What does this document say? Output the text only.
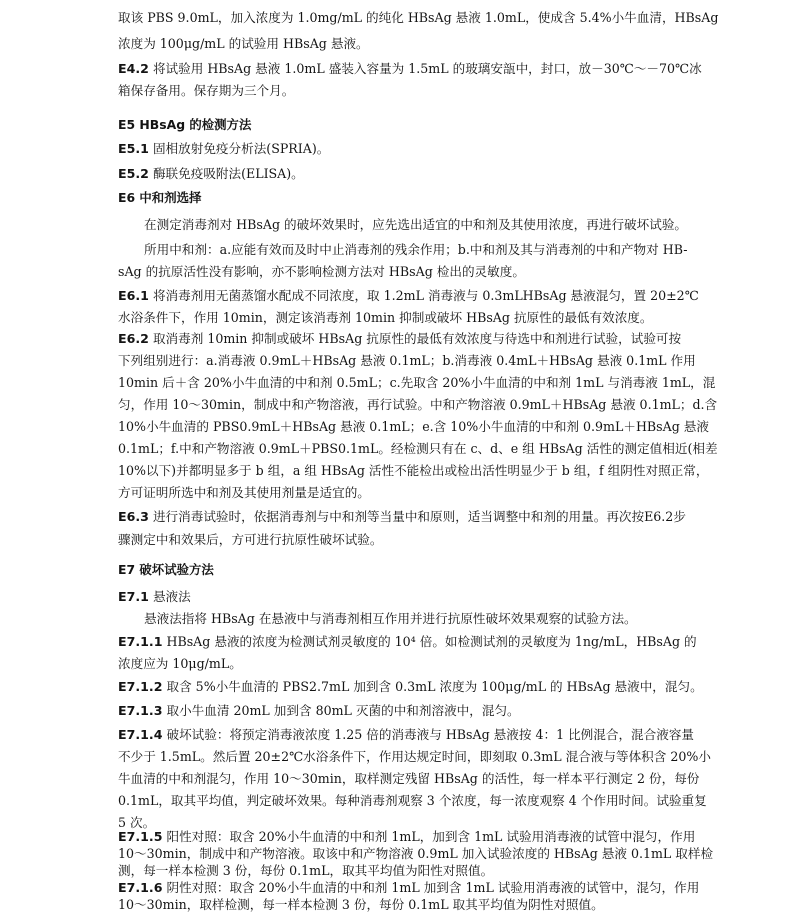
取该 PBS 9.0mL，加入浓度为 1.0mg/mL 的纯化 HBsAg 悬液 1.0mL，使成含 5.4%小牛血清，HBsAg
浓度为 100μg/mL 的试验用 HBsAg 悬液。
E4.2 将试验用 HBsAg 悬液 1.0mL 盛装入容量为 1.5mL 的玻璃安瓿中，封口，放－30℃～－70℃冰
箱保存备用。保存期为三个月。
E5 HBsAg 的检测方法
E5.1 固相放射免疫分析法(SPRIA)。
E5.2 酶联免疫吸附法(ELISA)。
E6 中和剂选择
在测定消毒剂对 HBsAg 的破坏效果时，应先选出适宜的中和剂及其使用浓度，再进行破坏试验。
所用中和剂：a.应能有效而及时中止消毒剂的残余作用；b.中和剂及其与消毒剂的中和产物对 HB-
sAg 的抗原活性没有影响，亦不影响检测方法对 HBsAg 检出的灵敏度。
E6.1 将消毒剂用无菌蒸馏水配成不同浓度，取 1.2mL 消毒液与 0.3mLHBsAg 悬液混匀，置 20±2℃
水浴条件下，作用 10min，测定该消毒剂 10min 抑制或破坏 HBsAg 抗原性的最低有效浓度。
E6.2 取消毒剂 10min 抑制或破坏 HBsAg 抗原性的最低有效浓度与待选中和剂进行试验，试验可按
下列组别进行：a.消毒液 0.9mL＋HBsAg 悬液 0.1mL；b.消毒液 0.4mL＋HBsAg 悬液 0.1mL 作用
10min 后＋含 20%小牛血清的中和剂 0.5mL；c.先取含 20%小牛血清的中和剂 1mL 与消毒液 1mL，混
匀，作用 10～30min，制成中和产物溶液，再行试验。中和产物溶液 0.9mL＋HBsAg 悬液 0.1mL；d.含
10%小牛血清的 PBS0.9mL＋HBsAg 悬液 0.1mL；e.含 10%小牛血清的中和剂 0.9mL＋HBsAg 悬液
0.1mL；f.中和产物溶液 0.9mL＋PBS0.1mL。经检测只有在 c、d、e 组 HBsAg 活性的测定值相近(相差
10%以下)并都明显多于 b 组，a 组 HBsAg 活性不能检出或检出活性明显少于 b 组，f 组阴性对照正常，
方可证明所选中和剂及其使用剂量是适宜的。
E6.3 进行消毒试验时，依据消毒剂与中和剂等当量中和原则，适当调整中和剂的用量。再次按E6.2步
骤测定中和效果后，方可进行抗原性破坏试验。
E7 破坏试验方法
E7.1 悬液法
悬液法指将 HBsAg 在悬液中与消毒剂相互作用并进行抗原性破坏效果观察的试验方法。
E7.1.1 HBsAg 悬液的浓度为检测试剂灵敏度的 10⁴ 倍。如检测试剂的灵敏度为 1ng/mL，HBsAg 的
浓度应为 10μg/mL。
E7.1.2 取含 5%小牛血清的 PBS2.7mL 加到含 0.3mL 浓度为 100μg/mL 的 HBsAg 悬液中，混匀。
E7.1.3 取小牛血清 20mL 加到含 80mL 灭菌的中和剂溶液中，混匀。
E7.1.4 破坏试验：将预定消毒液浓度 1.25 倍的消毒液与 HBsAg 悬液按 4：1 比例混合，混合液容量
不少于 1.5mL。然后置 20±2℃水浴条件下，作用达规定时间，即刻取 0.3mL 混合液与等体积含 20%小
牛血清的中和剂混匀，作用 10～30min，取样测定残留 HBsAg 的活性，每一样本平行测定 2 份，每份
0.1mL，取其平均值，判定破坏效果。每种消毒剂观察 3 个浓度，每一浓度观察 4 个作用时间。试验重复
5 次。
E7.1.5 阳性对照：取含 20%小牛血清的中和剂 1mL，加到含 1mL 试验用消毒液的试管中混匀，作用
10～30min，制成中和产物溶液。取该中和产物溶液 0.9mL 加入试验浓度的 HBsAg 悬液 0.1mL 取样检
测，每一样本检测 3 份，每份 0.1mL，取其平均值为阳性对照值。
E7.1.6 阴性对照：取含 20%小牛血清的中和剂 1mL 加到含 1mL 试验用消毒液的试管中，混匀，作用
10～30min，取样检测，每一样本检测 3 份，每份 0.1mL 取其平均值为阴性对照值。
